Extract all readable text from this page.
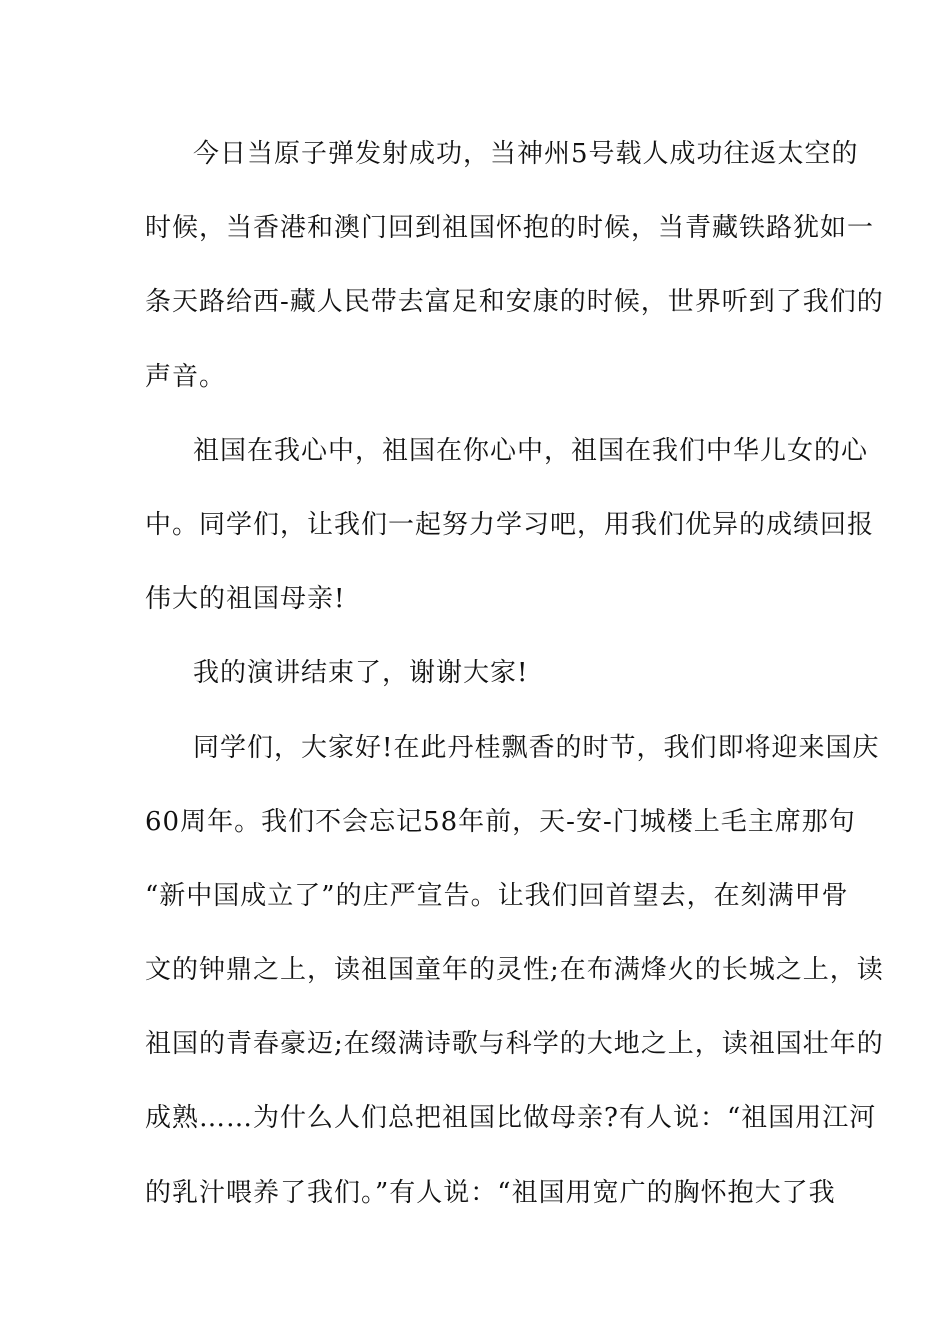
今日当原子弹发射成功，当神州5号载人成功往返太空的
时候，当香港和澳门回到祖国怀抱的时候，当青藏铁路犹如一
条天路给西-藏人民带去富足和安康的时候，世界听到了我们的
声音。
祖国在我心中，祖国在你心中，祖国在我们中华儿女的心
中。同学们，让我们一起努力学习吧，用我们优异的成绩回报
伟大的祖国母亲!
我的演讲结束了，谢谢大家!
同学们，大家好!在此丹桂飘香的时节，我们即将迎来国庆
60周年。我们不会忘记58年前，天-安-门城楼上毛主席那句
“新中国成立了”的庄严宣告。让我们回首望去，在刻满甲骨
文的钟鼎之上，读祖国童年的灵性;在布满烽火的长城之上，读
祖国的青春豪迈;在缀满诗歌与科学的大地之上，读祖国壮年的
成熟……为什么人们总把祖国比做母亲?有人说：“祖国用江河
的乳汁喂养了我们。”有人说：“祖国用宽广的胸怀抱大了我
